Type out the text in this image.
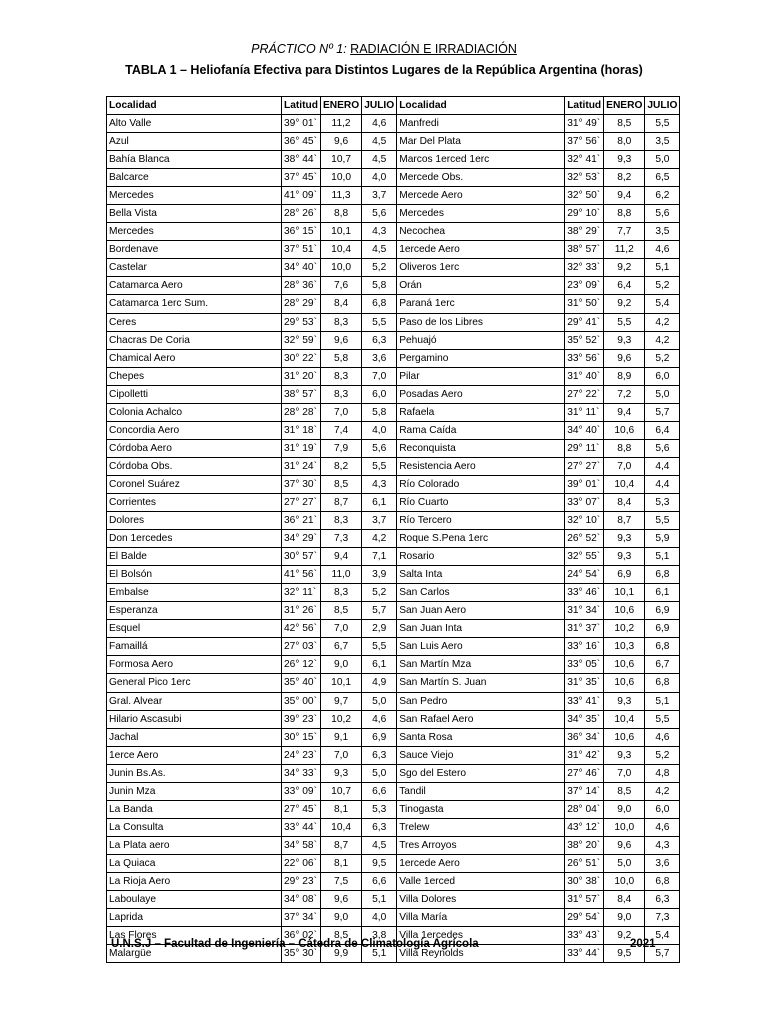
PRÁCTICO Nº 1: RADIACIÓN E IRRADIACIÓN
TABLA 1 – Heliofanía Efectiva para Distintos Lugares de la República Argentina (horas)
Localidad	Latitud	ENERO	JULIO	Localidad	Latitud	ENERO	JULIO
Alto Valle	39° 01`	11,2	4,6	Manfredi	31° 49`	8,5	5,5
Azul	36° 45`	9,6	4,5	Mar Del Plata	37° 56`	8,0	3,5
Bahía Blanca	38° 44`	10,7	4,5	Marcos 1erced 1erc	32° 41`	9,3	5,0
Balcarce	37° 45`	10,0	4,0	Mercede Obs.	32° 53`	8,2	6,5
Mercedes	41° 09`	11,3	3,7	Mercede Aero	32° 50`	9,4	6,2
Bella Vista	28° 26`	8,8	5,6	Mercedes	29° 10`	8,8	5,6
Mercedes	36° 15`	10,1	4,3	Necochea	38° 29`	7,7	3,5
Bordenave	37° 51`	10,4	4,5	1ercede Aero	38° 57`	11,2	4,6
Castelar	34° 40`	10,0	5,2	Oliveros 1erc	32° 33`	9,2	5,1
Catamarca Aero	28° 36`	7,6	5,8	Orán	23° 09`	6,4	5,2
Catamarca 1erc Sum.	28° 29`	8,4	6,8	Paraná 1erc	31° 50`	9,2	5,4
Ceres	29° 53`	8,3	5,5	Paso de los Libres	29° 41`	5,5	4,2
Chacras De Coria	32° 59`	9,6	6,3	Pehuajó	35° 52`	9,3	4,2
Chamical Aero	30° 22`	5,8	3,6	Pergamino	33° 56`	9,6	5,2
Chepes	31° 20`	8,3	7,0	Pilar	31° 40`	8,9	6,0
Cipolletti	38° 57`	8,3	6,0	Posadas Aero	27° 22`	7,2	5,0
Colonia Achalco	28° 28`	7,0	5,8	Rafaela	31° 11`	9,4	5,7
Concordia Aero	31° 18`	7,4	4,0	Rama Caída	34° 40`	10,6	6,4
Córdoba Aero	31° 19`	7,9	5,6	Reconquista	29° 11`	8,8	5,6
Córdoba Obs.	31° 24`	8,2	5,5	Resistencia Aero	27° 27`	7,0	4,4
Coronel Suárez	37° 30`	8,5	4,3	Río Colorado	39° 01`	10,4	4,4
Corrientes	27° 27`	8,7	6,1	Río Cuarto	33° 07`	8,4	5,3
Dolores	36° 21`	8,3	3,7	Río Tercero	32° 10`	8,7	5,5
Don 1ercedes	34° 29`	7,3	4,2	Roque S.Pena 1erc	26° 52`	9,3	5,9
El Balde	30° 57`	9,4	7,1	Rosario	32° 55`	9,3	5,1
El Bolsón	41° 56`	11,0	3,9	Salta Inta	24° 54`	6,9	6,8
Embalse	32° 11`	8,3	5,2	San Carlos	33° 46`	10,1	6,1
Esperanza	31° 26`	8,5	5,7	San Juan Aero	31° 34`	10,6	6,9
Esquel	42° 56`	7,0	2,9	San Juan Inta	31° 37`	10,2	6,9
Famaillá	27° 03`	6,7	5,5	San Luis Aero	33° 16`	10,3	6,8
Formosa Aero	26° 12`	9,0	6,1	San Martín Mza	33° 05`	10,6	6,7
General Pico 1erc	35° 40`	10,1	4,9	San Martín S. Juan	31° 35`	10,6	6,8
Gral. Alvear	35° 00`	9,7	5,0	San Pedro	33° 41`	9,3	5,1
Hilario Ascasubi	39° 23`	10,2	4,6	San Rafael Aero	34° 35`	10,4	5,5
Jachal	30° 15`	9,1	6,9	Santa Rosa	36° 34`	10,6	4,6
1erce Aero	24° 23`	7,0	6,3	Sauce Viejo	31° 42`	9,3	5,2
Junin Bs.As.	34° 33`	9,3	5,0	Sgo del Estero	27° 46`	7,0	4,8
Junin Mza	33° 09`	10,7	6,6	Tandil	37° 14`	8,5	4,2
La Banda	27° 45`	8,1	5,3	Tinogasta	28° 04`	9,0	6,0
La Consulta	33° 44`	10,4	6,3	Trelew	43° 12`	10,0	4,6
La Plata aero	34° 58`	8,7	4,5	Tres Arroyos	38° 20`	9,6	4,3
La Quiaca	22° 06`	8,1	9,5	1ercede Aero	26° 51`	5,0	3,6
La Rioja Aero	29° 23`	7,5	6,6	Valle 1erced	30° 38`	10,0	6,8
Laboulaye	34° 08`	9,6	5,1	Villa Dolores	31° 57`	8,4	6,3
Laprida	37° 34`	9,0	4,0	Villa María	29° 54`	9,0	7,3
Las Flores	36° 02`	8,5	3,8	Villa 1ercedes	33° 43`	9,2	5,4
Malargüe	35° 30`	9,9	5,1	Villa Reynolds	33° 44`	9,5	5,7
U.N.S.J – Facultad de Ingeniería – Cátedra de Climatología Agrícola	2021
